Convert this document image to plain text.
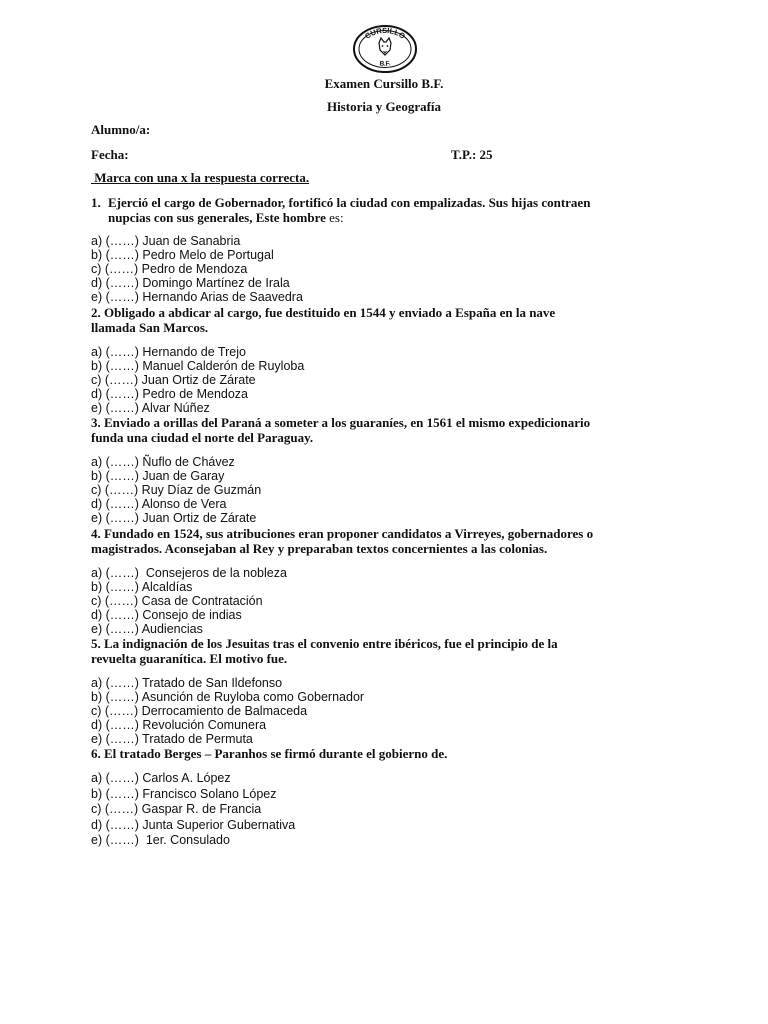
CURSILLO
B.F.
Examen Cursillo B.F.
Historia y Geografía
Alumno/a:
Fecha:	T.P.: 25
Marca con una x la respuesta correcta.
1. Ejerció el cargo de Gobernador, fortificó la ciudad con empalizadas. Sus hijas contraen
nupcias con sus generales, Este hombre es:
a) (……) Juan de Sanabria
b) (……) Pedro Melo de Portugal
c) (……) Pedro de Mendoza
d) (……) Domingo Martínez de Irala
e) (……) Hernando Arias de Saavedra
2. Obligado a abdicar al cargo, fue destituido en 1544 y enviado a España en la nave
llamada San Marcos.
a) (……) Hernando de Trejo
b) (……) Manuel Calderón de Ruyloba
c) (……) Juan Ortiz de Zárate
d) (……) Pedro de Mendoza
e) (……) Alvar Núñez
3. Enviado a orillas del Paraná a someter a los guaraníes, en 1561 el mismo expedicionario
funda una ciudad el norte del Paraguay.
a) (……) Ñuflo de Chávez
b) (……) Juan de Garay
c) (……) Ruy Díaz de Guzmán
d) (……) Alonso de Vera
e) (……) Juan Ortiz de Zárate
4. Fundado en 1524, sus atribuciones eran proponer candidatos a Virreyes, gobernadores o
magistrados. Aconsejaban al Rey y preparaban textos concernientes a las colonias.
a) (……)  Consejeros de la nobleza
b) (……) Alcaldías
c) (……) Casa de Contratación
d) (……) Consejo de indias
e) (……) Audiencias
5. La indignación de los Jesuitas tras el convenio entre ibéricos, fue el principio de la
revuelta guaranítica. El motivo fue.
a) (……) Tratado de San Ildefonso
b) (……) Asunción de Ruyloba como Gobernador
c) (……) Derrocamiento de Balmaceda
d) (……) Revolución Comunera
e) (……) Tratado de Permuta
6. El tratado Berges – Paranhos se firmó durante el gobierno de.
a) (……) Carlos A. López
b) (……) Francisco Solano López
c) (……) Gaspar R. de Francia
d) (……) Junta Superior Gubernativa
e) (……)  1er. Consulado
